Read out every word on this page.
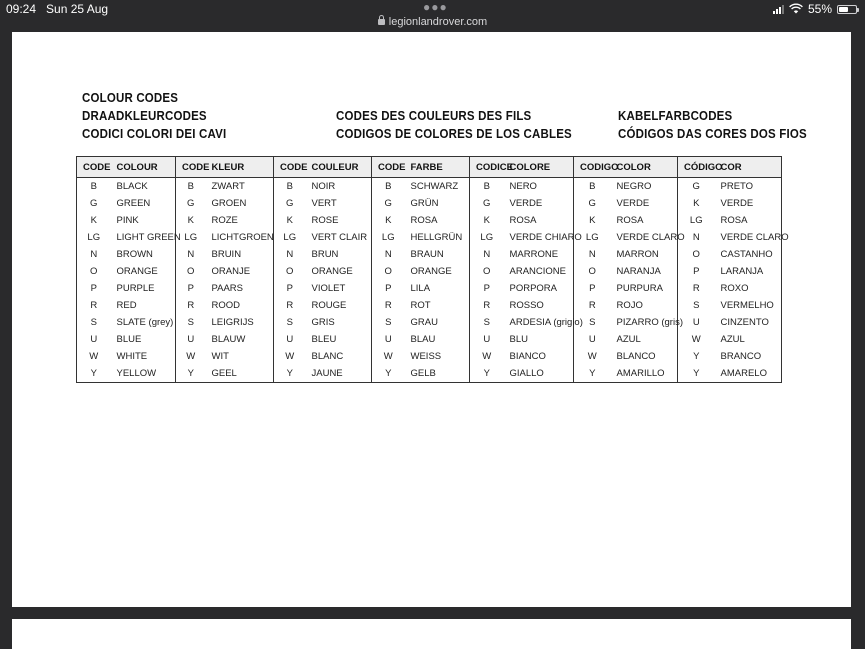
09:24 Sun 25 Aug	●●●
legionlandrover.com
55%
COLOUR CODES
DRAADKLEURCODES
CODICI COLORI DEI CAVI
CODES DES COULEURS DES FILS
CODIGOS DE COLORES DE LOS CABLES
KABELFARBCODES
CÓDIGOS DAS CORES DOS FIOS
CODE	COLOUR	CODE	KLEUR	CODE	COULEUR	CODE	FARBE	CODICE	COLORE	CODIGO	COLOR	CÓDIGO	COR
B	BLACK	B	ZWART	B	NOIR	B	SCHWARZ	B	NERO	B	NEGRO	G	PRETO
G	GREEN	G	GROEN	G	VERT	G	GRÜN	G	VERDE	G	VERDE	K	VERDE
K	PINK	K	ROZE	K	ROSE	K	ROSA	K	ROSA	K	ROSA	LG	ROSA
LG	LIGHT GREEN	LG	LICHTGROEN	LG	VERT CLAIR	LG	HELLGRÜN	LG	VERDE CHIARO	LG	VERDE CLARO	N	VERDE CLARO
N	BROWN	N	BRUIN	N	BRUN	N	BRAUN	N	MARRONE	N	MARRON	O	CASTANHO
O	ORANGE	O	ORANJE	O	ORANGE	O	ORANGE	O	ARANCIONE	O	NARANJA	P	LARANJA
P	PURPLE	P	PAARS	P	VIOLET	P	LILA	P	PORPORA	P	PURPURA	R	ROXO
R	RED	R	ROOD	R	ROUGE	R	ROT	R	ROSSO	R	ROJO	S	VERMELHO
S	SLATE (grey)	S	LEIGRIJS	S	GRIS	S	GRAU	S	ARDESIA (grigio)	S	PIZARRO (gris)	U	CINZENTO
U	BLUE	U	BLAUW	U	BLEU	U	BLAU	U	BLU	U	AZUL	W	AZUL
W	WHITE	W	WIT	W	BLANC	W	WEISS	W	BIANCO	W	BLANCO	Y	BRANCO
Y	YELLOW	Y	GEEL	Y	JAUNE	Y	GELB	Y	GIALLO	Y	AMARILLO	Y	AMARELO
